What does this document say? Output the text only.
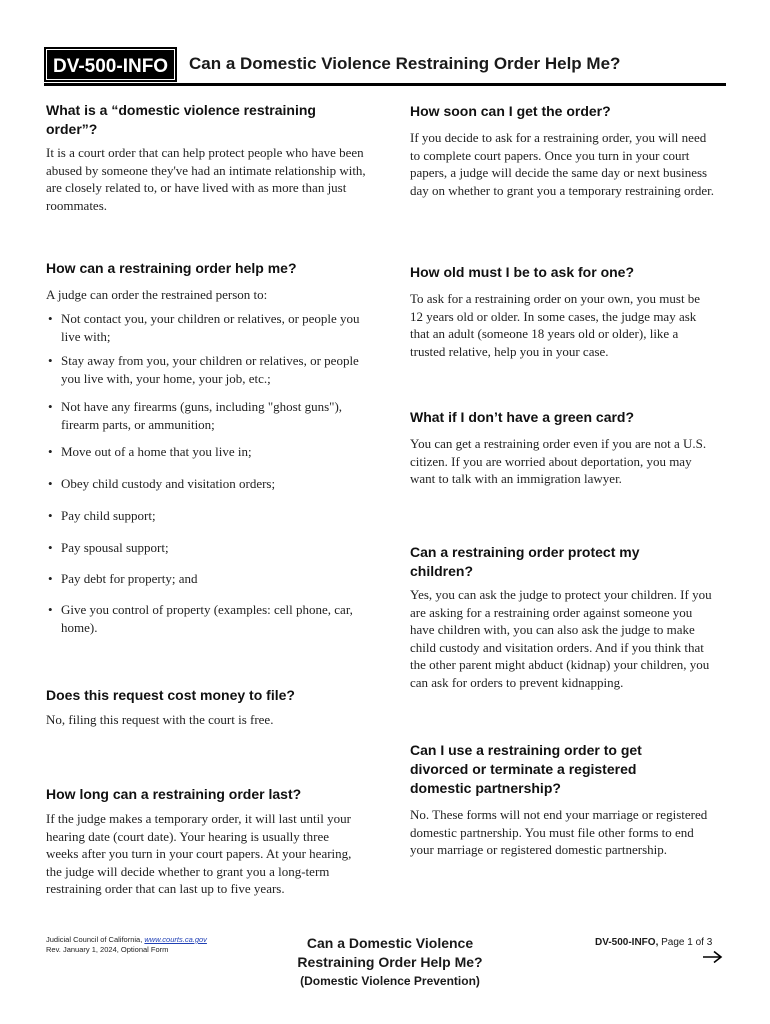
DV-500-INFO	Can a Domestic Violence Restraining Order Help Me?
What is a “domestic violence restraining
order”?

It is a court order that can help protect people who have been abused by someone they've had an intimate relationship with, are closely related to, or have lived with as more than just roommates.

How can a restraining order help me?

A judge can order the restrained person to:

• Not contact you, your children or relatives, or people you live with;
• Stay away from you, your children or relatives, or people you live with, your home, your job, etc.;
• Not have any firearms (guns, including "ghost guns"), firearm parts, or ammunition;
• Move out of a home that you live in;
• Obey child custody and visitation orders;
• Pay child support;
• Pay spousal support;
• Pay debt for property; and
• Give you control of property (examples: cell phone, car, home).
Does this request cost money to file?

No, filing this request with the court is free.

How long can a restraining order last?

If the judge makes a temporary order, it will last until your hearing date (court date). Your hearing is usually three weeks after you turn in your court papers. At your hearing, the judge will decide whether to grant you a long-term restraining order that can last up to five years.

How soon can I get the order?

If you decide to ask for a restraining order, you will need to complete court papers. Once you turn in your court papers, a judge will decide the same day or next business day on whether to grant you a temporary restraining order.

How old must I be to ask for one?

To ask for a restraining order on your own, you must be 12 years old or older. In some cases, the judge may ask that an adult (someone 18 years old or older), like a trusted relative, help you in your case.

What if I don’t have a green card?

You can get a restraining order even if you are not a U.S. citizen. If you are worried about deportation, you may want to talk with an immigration lawyer.

Can a restraining order protect my
children?

Yes, you can ask the judge to protect your children. If you are asking for a restraining order against someone you have children with, you can also ask the judge to make child custody and visitation orders. And if you think that the other parent might abduct (kidnap) your children, you can ask for orders to prevent kidnapping.

Can I use a restraining order to get
divorced or terminate a registered
domestic partnership?

No. These forms will not end your marriage or registered domestic partnership. You must file other forms to end your marriage or registered domestic partnership.

Judicial Council of California, www.courts.ca.gov
Rev. January 1, 2024, Optional Form	Can a Domestic Violence
Restraining Order Help Me?
(Domestic Violence Prevention)
DV-500-INFO, Page 1 of 3
